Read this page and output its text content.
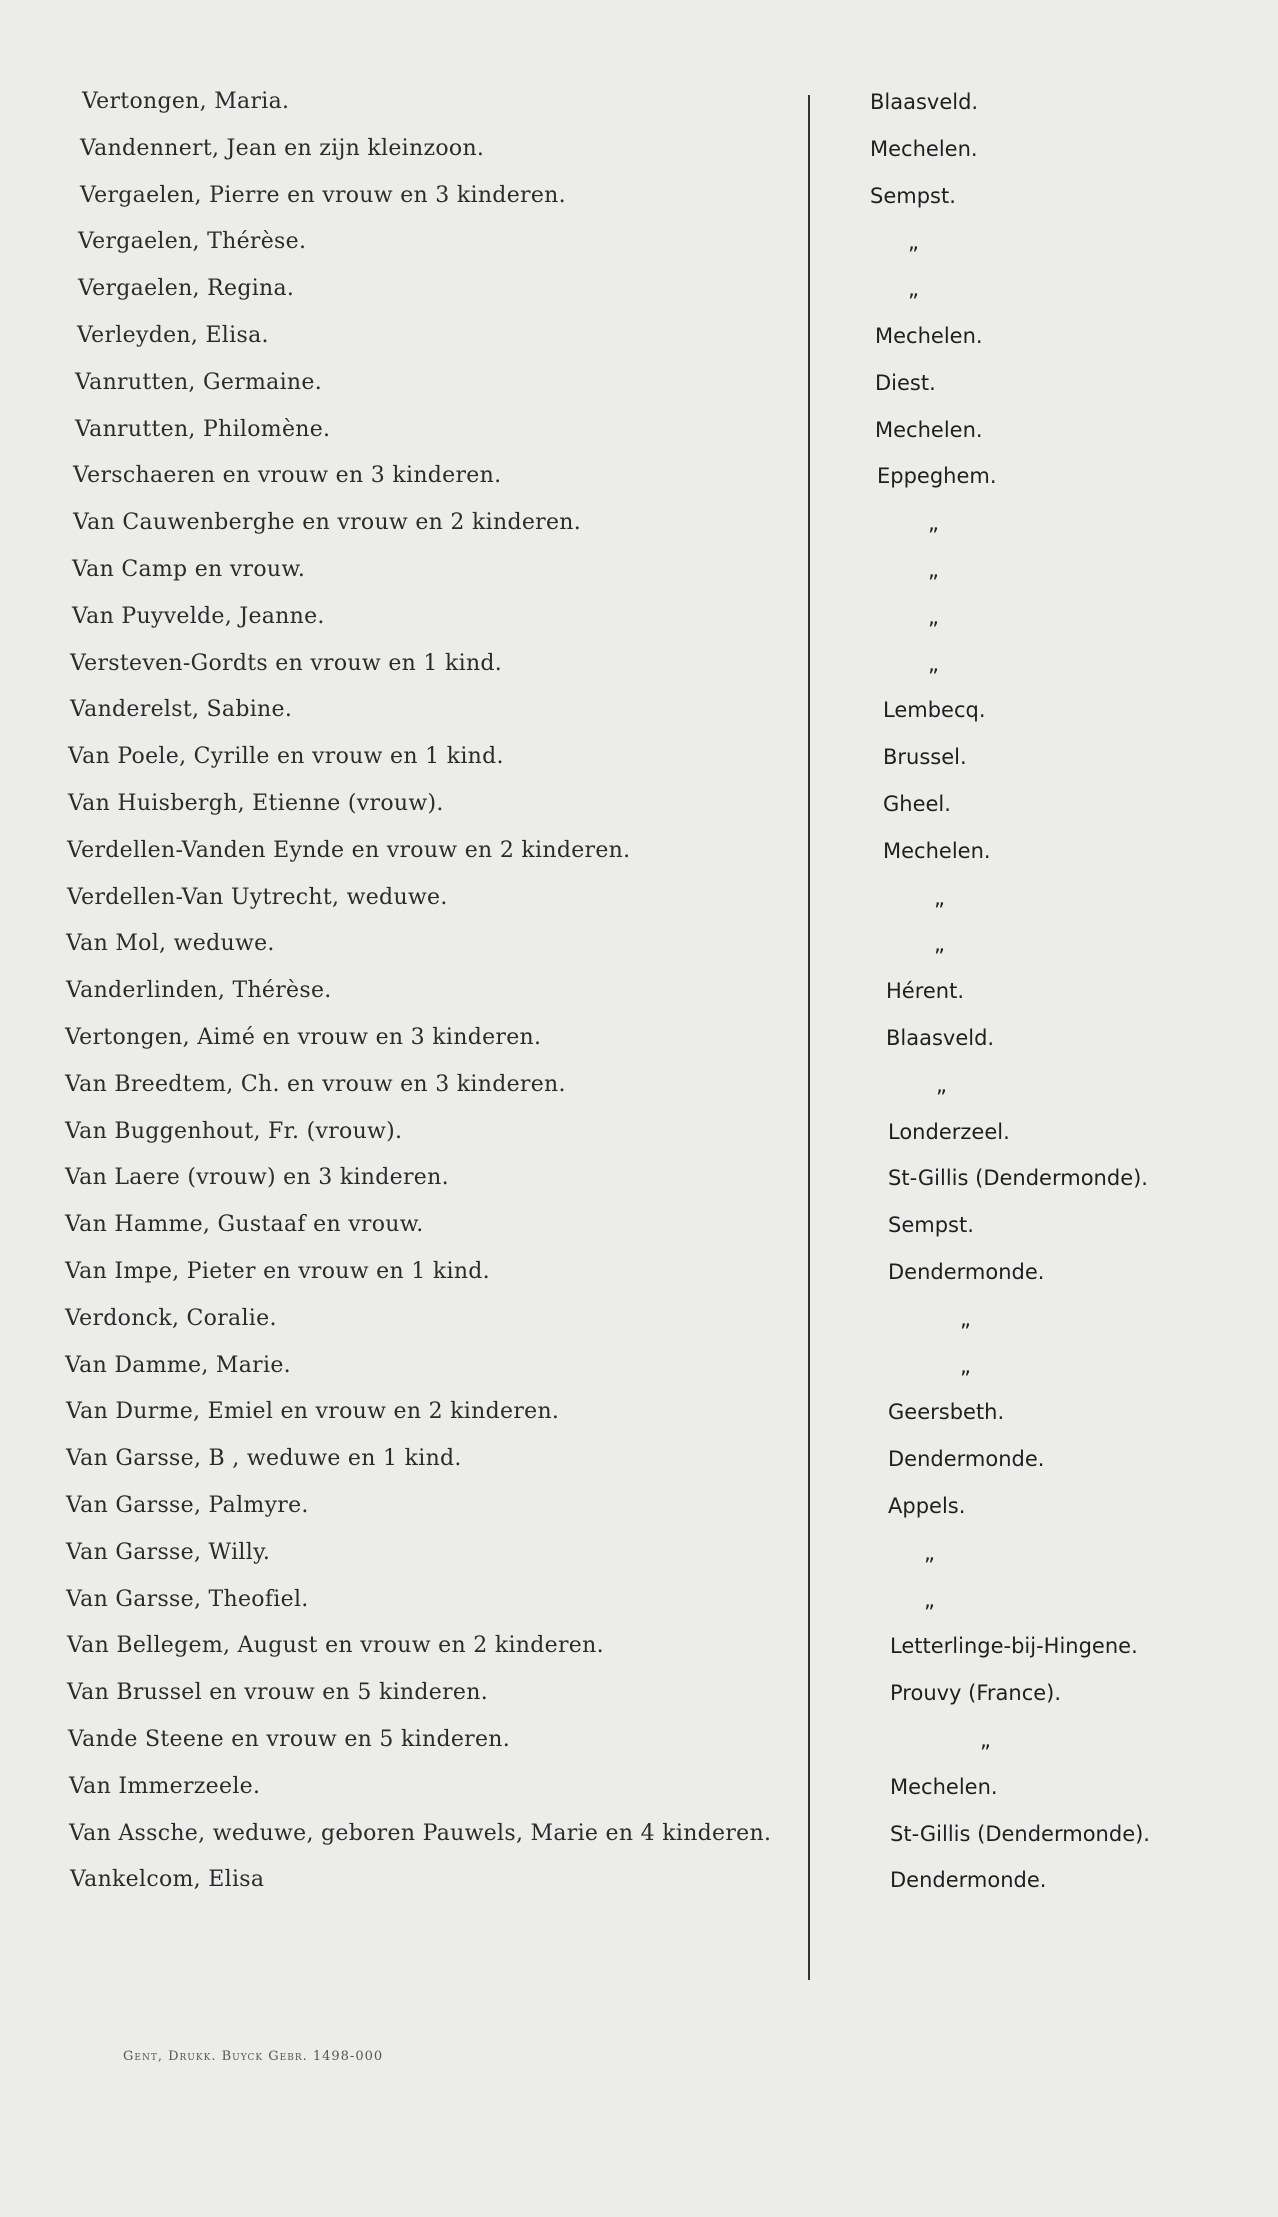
Vertongen, Maria.	Blaasveld.
Vandennert, Jean en zijn kleinzoon.	Mechelen.
Vergaelen, Pierre en vrouw en 3 kinderen.	Sempst.
Vergaelen, Thérèse.	„
Vergaelen, Regina.	„
Verleyden, Elisa.	Mechelen.
Vanrutten, Germaine.	Diest.
Vanrutten, Philomène.	Mechelen.
Verschaeren en vrouw en 3 kinderen.	Eppeghem.
Van Cauwenberghe en vrouw en 2 kinderen.	„
Van Camp en vrouw.	„
Van Puyvelde, Jeanne.	„
Versteven-Gordts en vrouw en 1 kind.	„
Vanderelst, Sabine.	Lembecq.
Van Poele, Cyrille en vrouw en 1 kind.	Brussel.
Van Huisbergh, Etienne (vrouw).	Gheel.
Verdellen-Vanden Eynde en vrouw en 2 kinderen.	Mechelen.
Verdellen-Van Uytrecht, weduwe.	„
Van Mol, weduwe.	„
Vanderlinden, Thérèse.	Hérent.
Vertongen, Aimé en vrouw en 3 kinderen.	Blaasveld.
Van Breedtem, Ch. en vrouw en 3 kinderen.	„
Van Buggenhout, Fr. (vrouw).	Londerzeel.
Van Laere (vrouw) en 3 kinderen.	St-Gillis (Dendermonde).
Van Hamme, Gustaaf en vrouw.	Sempst.
Van Impe, Pieter en vrouw en 1 kind.	Dendermonde.
Verdonck, Coralie.	„
Van Damme, Marie.	„
Van Durme, Emiel en vrouw en 2 kinderen.	Geersbeth.
Van Garsse, B , weduwe en 1 kind.	Dendermonde.
Van Garsse, Palmyre.	Appels.
Van Garsse, Willy.	„
Van Garsse, Theofiel.	„
Van Bellegem, August en vrouw en 2 kinderen.	Letterlinge-bij-Hingene.
Van Brussel en vrouw en 5 kinderen.	Prouvy (France).
Vande Steene en vrouw en 5 kinderen.	„
Van Immerzeele.	Mechelen.
Van Assche, weduwe, geboren Pauwels, Marie en 4 kinderen.	St-Gillis (Dendermonde).
Vankelcom, Elisa	Dendermonde.
Gent, Drukk. Buyck Gebr. 1498-000
